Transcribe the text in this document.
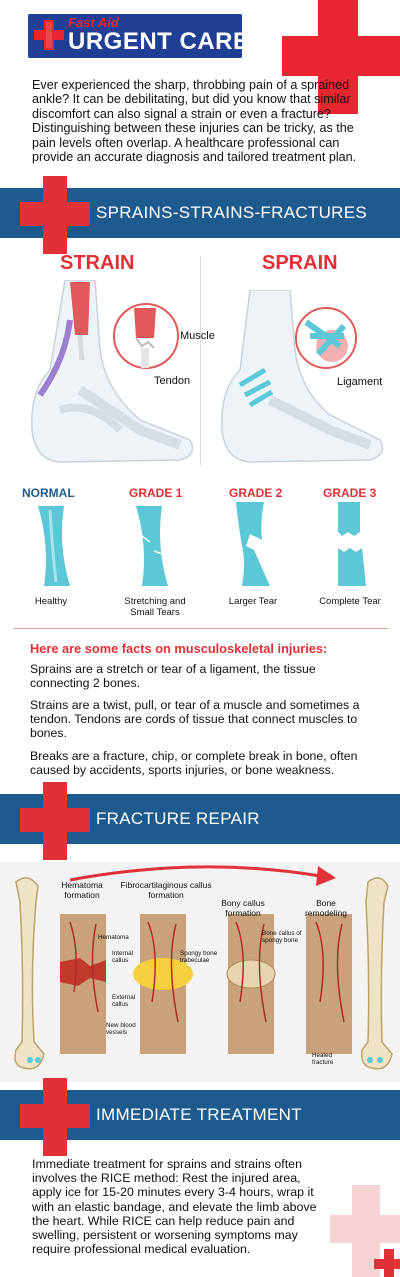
Fast Aid
URGENT CARE
Ever experienced the sharp, throbbing pain of a sprained ankle? It can be debilitating, but did you know that similar discomfort can also signal a strain or even a fracture? Distinguishing between these injuries can be tricky, as the pain levels often overlap. A healthcare professional can provide an accurate diagnosis and tailored treatment plan.
SPRAINS-STRAINS-FRACTURES
STRAIN	SPRAIN
Muscle
Tendon	Ligament
NORMAL	GRADE 1	GRADE 2	GRADE 3
Healthy	Stretching and Small Tears
Larger Tear	Complete Tear
Here are some facts on musculoskeletal injuries:
Sprains are a stretch or tear of a ligament, the tissue connecting 2 bones.
Strains are a twist, pull, or tear of a muscle and sometimes a tendon. Tendons are cords of tissue that connect muscles to bones.
Breaks are a fracture, chip, or complete break in bone, often caused by accidents, sports injuries, or bone weakness.
FRACTURE REPAIR
Hematoma formation
Fibrocartilaginous callus formation
Bony callus formation
Bone remodeling
Hematoma
Internal callus
Spongy bone trabeculae
External callus
New blood vessels
Bone callus of spongy bone
Healed fracture
IMMEDIATE TREATMENT
Immediate treatment for sprains and strains often involves the RICE method: Rest the injured area, apply ice for 15-20 minutes every 3-4 hours, wrap it with an elastic bandage, and elevate the limb above the heart. While RICE can help reduce pain and swelling, persistent or worsening symptoms may require professional medical evaluation.
